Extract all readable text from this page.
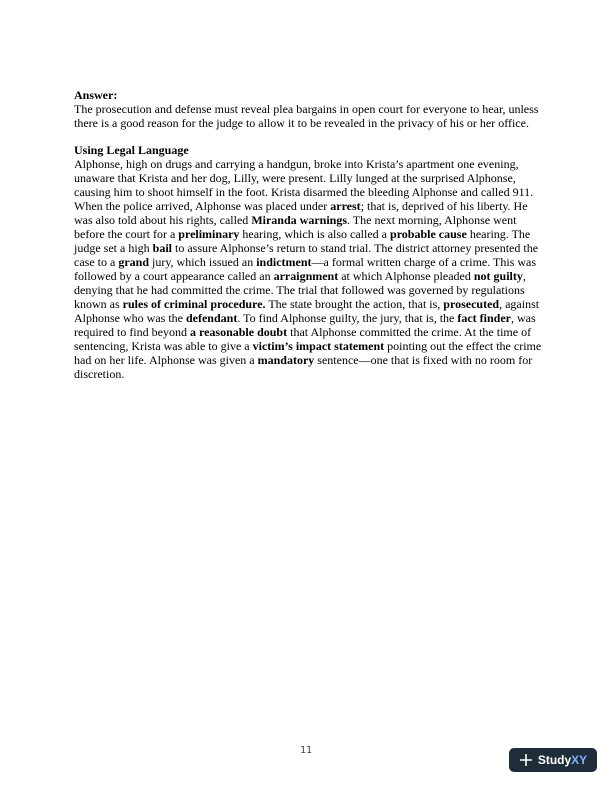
Answer:

The prosecution and defense must reveal plea bargains in open court for everyone to hear, unless there is a good reason for the judge to allow it to be revealed in the privacy of his or her office.

Using Legal Language

Alphonse, high on drugs and carrying a handgun, broke into Krista’s apartment one evening, unaware that Krista and her dog, Lilly, were present. Lilly lunged at the surprised Alphonse, causing him to shoot himself in the foot. Krista disarmed the bleeding Alphonse and called 911. When the police arrived, Alphonse was placed under arrest; that is, deprived of his liberty. He was also told about his rights, called Miranda warnings. The next morning, Alphonse went before the court for a preliminary hearing, which is also called a probable cause hearing. The judge set a high bail to assure Alphonse’s return to stand trial. The district attorney presented the case to a grand jury, which issued an indictment—a formal written charge of a crime. This was followed by a court appearance called an arraignment at which Alphonse pleaded not guilty, denying that he had committed the crime. The trial that followed was governed by regulations known as rules of criminal procedure. The state brought the action, that is, prosecuted, against Alphonse who was the defendant. To find Alphonse guilty, the jury, that is, the fact finder, was required to find beyond a reasonable doubt that Alphonse committed the crime. At the time of sentencing, Krista was able to give a victim’s impact statement pointing out the effect the crime had on her life. Alphonse was given a mandatory sentence—one that is fixed with no room for discretion.

11
StudyXY
